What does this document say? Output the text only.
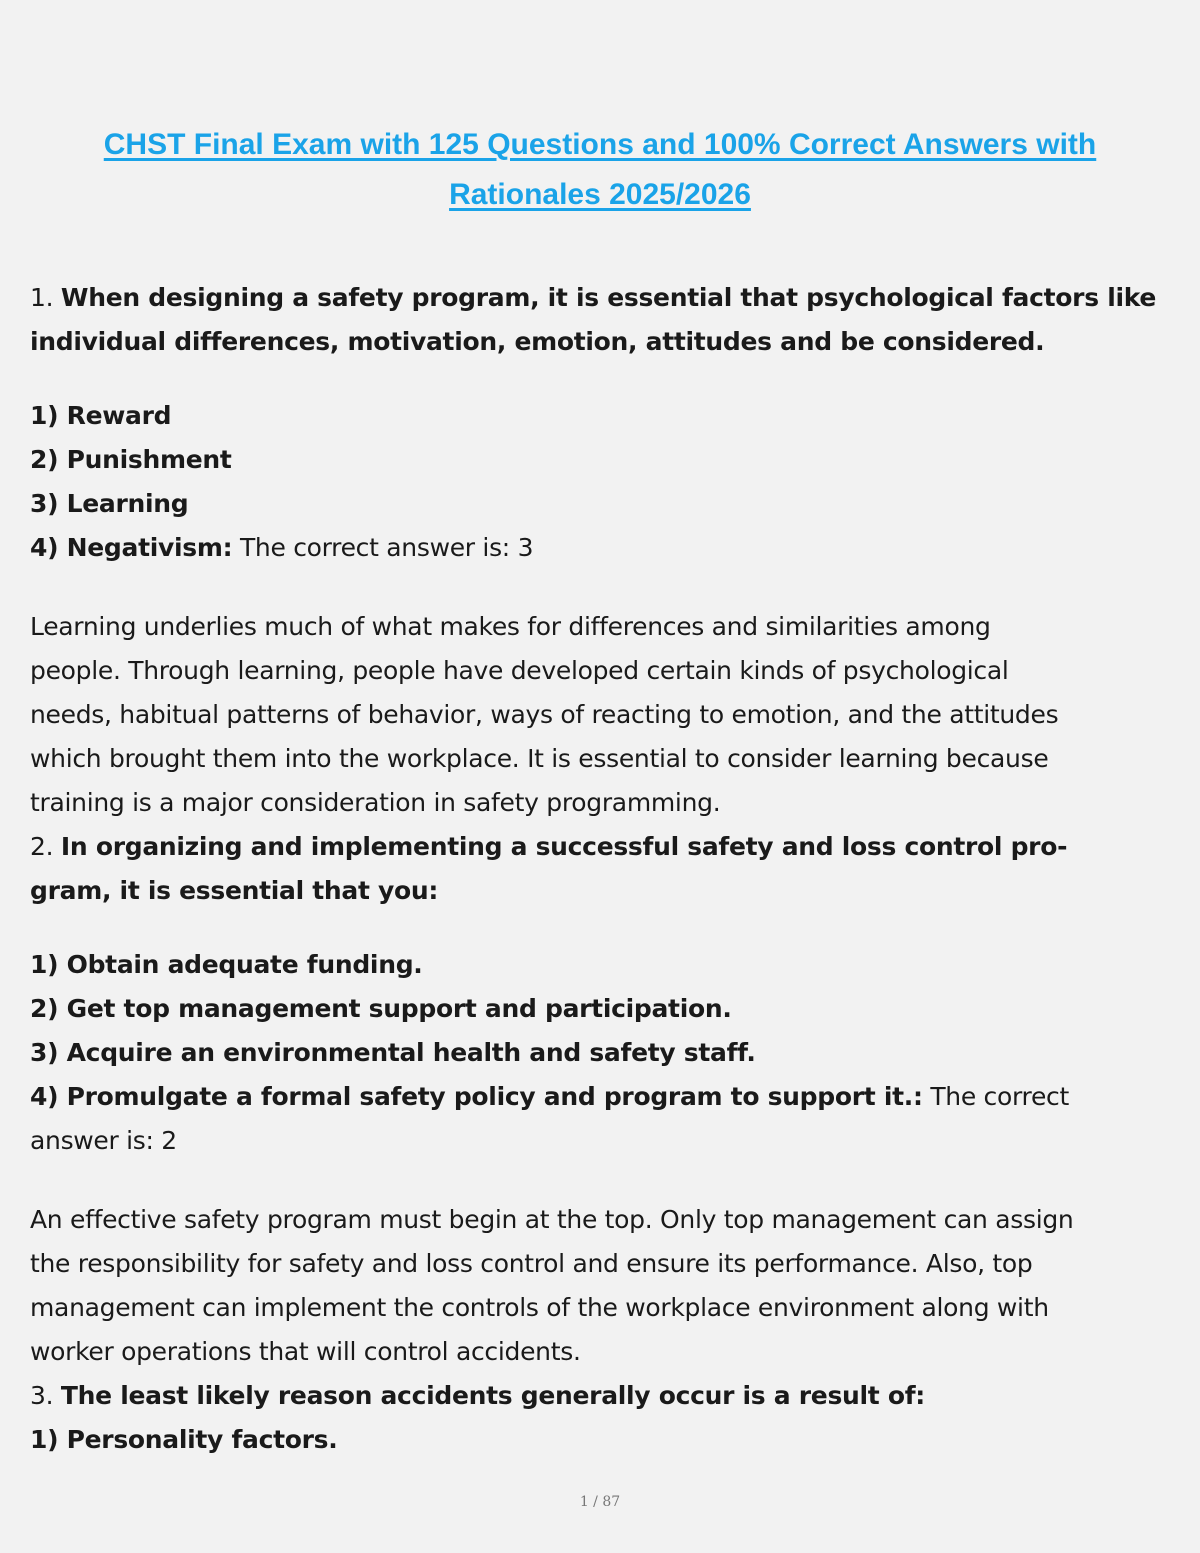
CHST Final Exam with 125 Questions and 100% Correct Answers with
Rationales 2025/2026

1. When designing a safety program, it is essential that psychological factors like

individual differences, motivation, emotion, attitudes and be considered.

1) Reward

2) Punishment

3) Learning

4) Negativism: The correct answer is: 3

Learning underlies much of what makes for differences and similarities among

people. Through learning, people have developed certain kinds of psychological

needs, habitual patterns of behavior, ways of reacting to emotion, and the attitudes

which brought them into the workplace. It is essential to consider learning because

training is a major consideration in safety programming.

2. In organizing and implementing a successful safety and loss control pro-

gram, it is essential that you:

1) Obtain adequate funding.

2) Get top management support and participation.

3) Acquire an environmental health and safety staff.

4) Promulgate a formal safety policy and program to support it.: The correct

answer is: 2

An effective safety program must begin at the top. Only top management can assign

the responsibility for safety and loss control and ensure its performance. Also, top

management can implement the controls of the workplace environment along with

worker operations that will control accidents.

3. The least likely reason accidents generally occur is a result of:

1) Personality factors.

1 / 87
